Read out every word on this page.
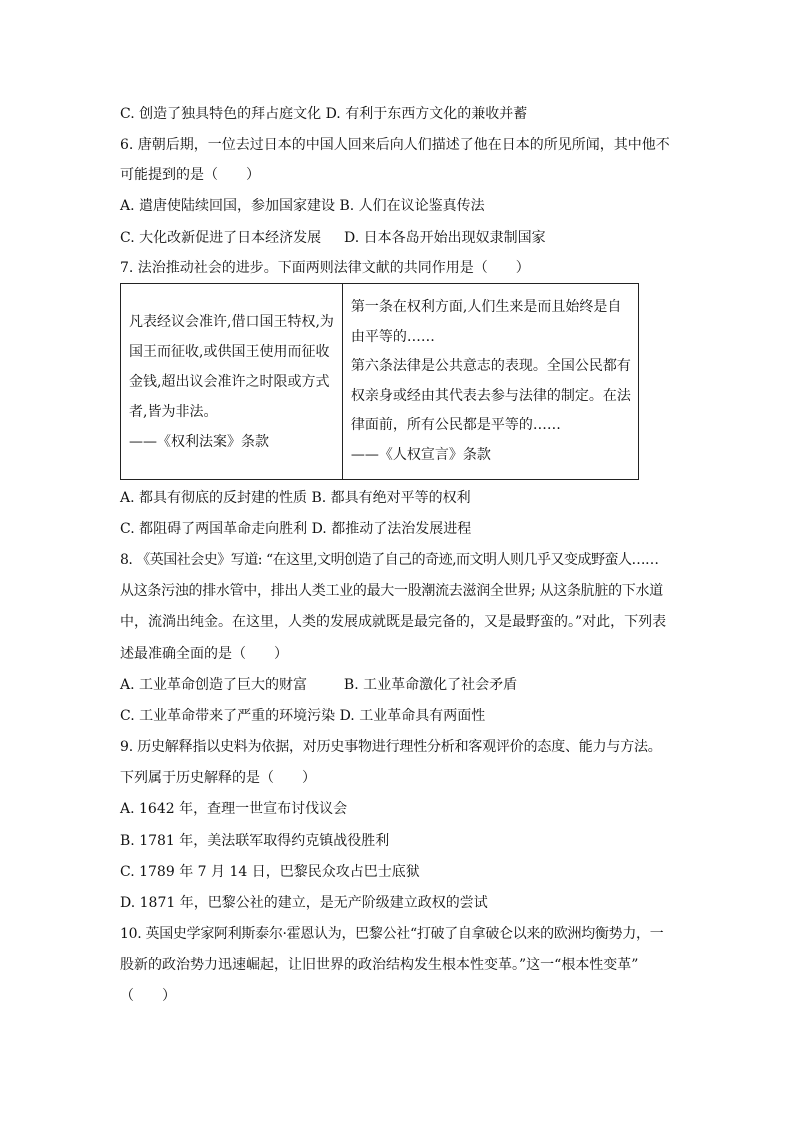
C. 创造了独具特色的拜占庭文化 D. 有利于东西方文化的兼收并蓄
6. 唐朝后期，一位去过日本的中国人回来后向人们描述了他在日本的所见所闻，其中他不
可能提到的是（　　）
A. 遣唐使陆续回国，参加国家建设 B. 人们在议论鉴真传法
C. 大化改新促进了日本经济发展 　 D. 日本各岛开始出现奴隶制国家
7. 法治推动社会的进步。下面两则法律文献的共同作用是（　　）
凡表经议会准许,借口国王特权,为
国王而征收,或供国王使用而征收
金钱,超出议会准许之时限或方式
者,皆为非法。
——《权利法案》条款
第一条在权利方面,人们生来是而且始终是自
由平等的……
第六条法律是公共意志的表现。全国公民都有
权亲身或经由其代表去参与法律的制定。在法
律面前，所有公民都是平等的……
——《人权宣言》条款
A. 都具有彻底的反封建的性质 B. 都具有绝对平等的权利
C. 都阻碍了两国革命走向胜利 D. 都推动了法治发展进程
8. 《英国社会史》写道: “在这里,文明创造了自己的奇迹,而文明人则几乎又变成野蛮人……
从这条污浊的排水管中，排出人类工业的最大一股潮流去滋润全世界; 从这条肮脏的下水道
中，流淌出纯金。在这里，人类的发展成就既是最完备的，又是最野蛮的。”对此，下列表
述最准确全面的是（　　）
A. 工业革命创造了巨大的财富 　　 B. 工业革命激化了社会矛盾
C. 工业革命带来了严重的环境污染 D. 工业革命具有两面性
9. 历史解释指以史料为依据，对历史事物进行理性分析和客观评价的态度、能力与方法。
下列属于历史解释的是（　　）
A. 1642 年，查理一世宣布讨伐议会
B. 1781 年，美法联军取得约克镇战役胜利
C. 1789 年 7 月 14 日，巴黎民众攻占巴士底狱
D. 1871 年，巴黎公社的建立，是无产阶级建立政权的尝试
10. 英国史学家阿利斯泰尔·霍恩认为，巴黎公社“打破了自拿破仑以来的欧洲均衡势力，一
股新的政治势力迅速崛起，让旧世界的政治结构发生根本性变革。”这一“根本性变革”
（　　）
